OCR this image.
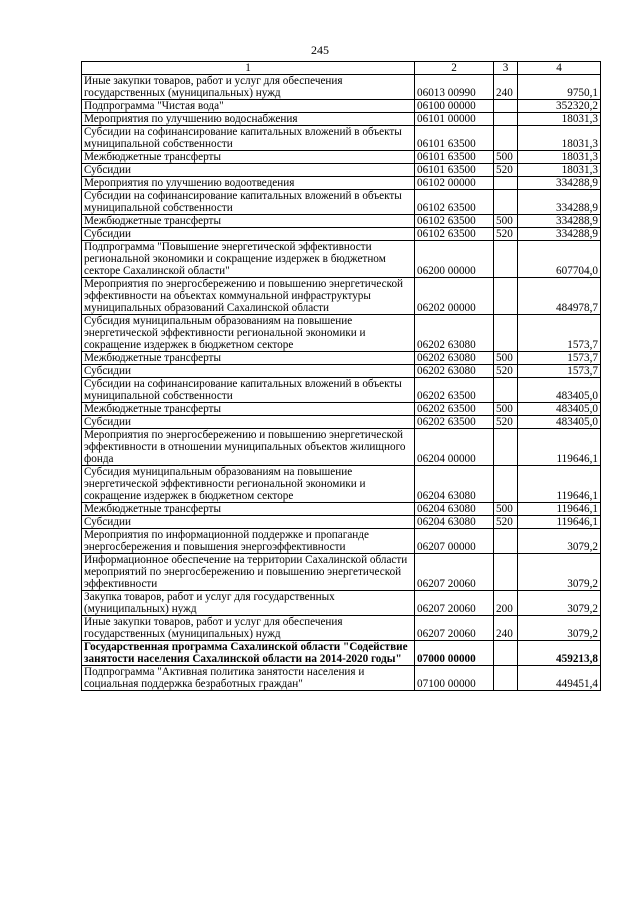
245
1	2	3	4
Иные закупки товаров, работ и услуг для обеспечения государственных (муниципальных) нужд	06013 00990	240	9750,1
Подпрограмма "Чистая вода"	06100 00000		352320,2
Мероприятия по улучшению водоснабжения	06101 00000		18031,3
Субсидии на софинансирование капитальных вложений в объекты муниципальной собственности	06101 63500		18031,3
Межбюджетные трансферты	06101 63500	500	18031,3
Субсидии	06101 63500	520	18031,3
Мероприятия по улучшению водоотведения	06102 00000		334288,9
Субсидии на софинансирование капитальных вложений в объекты муниципальной собственности	06102 63500		334288,9
Межбюджетные трансферты	06102 63500	500	334288,9
Субсидии	06102 63500	520	334288,9
Подпрограмма "Повышение энергетической эффективности региональной экономики и сокращение издержек в бюджетном секторе Сахалинской области"	06200 00000		607704,0
Мероприятия по энергосбережению и повышению энергетической эффективности на объектах коммунальной инфраструктуры муниципальных образований Сахалинской области	06202 00000		484978,7
Субсидия муниципальным образованиям на повышение энергетической эффективности региональной экономики и сокращение издержек в бюджетном секторе	06202 63080		1573,7
Межбюджетные трансферты	06202 63080	500	1573,7
Субсидии	06202 63080	520	1573,7
Субсидии на софинансирование капитальных вложений в объекты муниципальной собственности	06202 63500		483405,0
Межбюджетные трансферты	06202 63500	500	483405,0
Субсидии	06202 63500	520	483405,0
Мероприятия по энергосбережению и повышению энергетической эффективности в отношении муниципальных объектов жилищного фонда	06204 00000		119646,1
Субсидия муниципальным образованиям на повышение энергетической эффективности региональной экономики и сокращение издержек в бюджетном секторе	06204 63080		119646,1
Межбюджетные трансферты	06204 63080	500	119646,1
Субсидии	06204 63080	520	119646,1
Мероприятия по информационной поддержке и пропаганде энергосбережения и повышения энергоэффективности	06207 00000		3079,2
Информационное обеспечение на территории Сахалинской области мероприятий по энергосбережению и повышению энергетической эффективности	06207 20060		3079,2
Закупка товаров, работ и услуг для государственных (муниципальных) нужд	06207 20060	200	3079,2
Иные закупки товаров, работ и услуг для обеспечения государственных (муниципальных) нужд	06207 20060	240	3079,2
Государственная программа Сахалинской области "Содействие занятости населения Сахалинской области на 2014-2020 годы"	07000 00000		459213,8
Подпрограмма "Активная политика занятости населения и социальная поддержка безработных граждан"	07100 00000		449451,4
